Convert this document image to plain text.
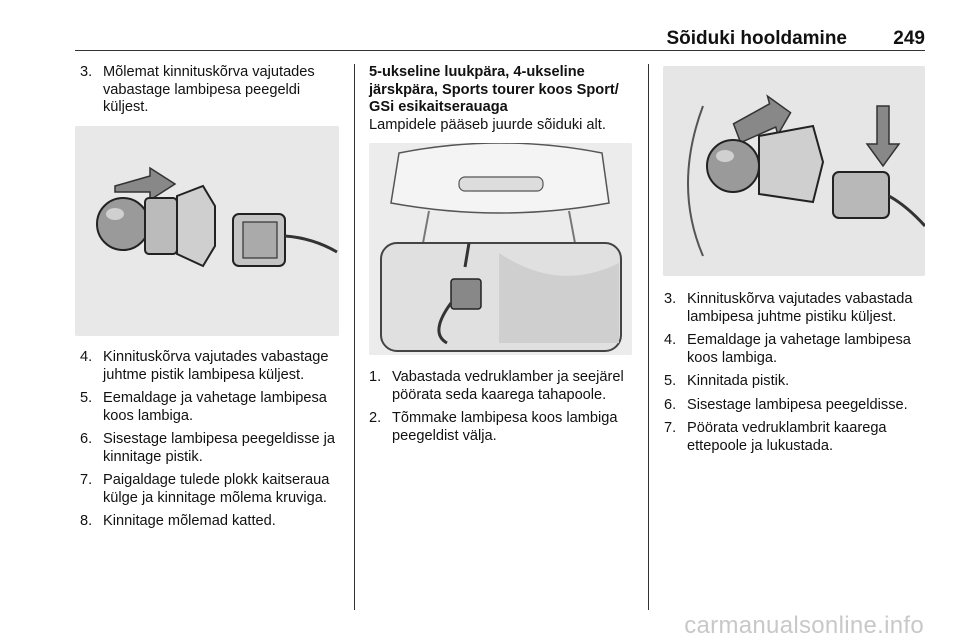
Sõiduki hooldamine 249
3. Mõlemat kinnituskõrva vajutades vabastage lambipesa peegeldi küljest.
4. Kinnituskõrva vajutades vabastage juhtme pistik lambipesa küljest.
5. Eemaldage ja vahetage lambipesa koos lambiga.
6. Sisestage lambipesa peegeldisse ja kinnitage pistik.
7. Paigaldage tulede plokk kaitseraua külge ja kinnitage mõlema kruviga.
8. Kinnitage mõlemad katted.
5-ukseline luukpära, 4-ukseline järskpära, Sports tourer koos Sport/ GSi esikaitserauaga
Lampidele pääseb juurde sõiduki alt.
1. Vabastada vedruklamber ja seejärel pöörata seda kaarega tahapoole.
2. Tõmmake lambipesa koos lambiga peegeldist välja.
3. Kinnituskõrva vajutades vabastada lambipesa juhtme pistiku küljest.
4. Eemaldage ja vahetage lambipesa koos lambiga.
5. Kinnitada pistik.
6. Sisestage lambipesa peegeldisse.
7. Pöörata vedruklambrit kaarega ettepoole ja lukustada.
carmanualsonline.info
